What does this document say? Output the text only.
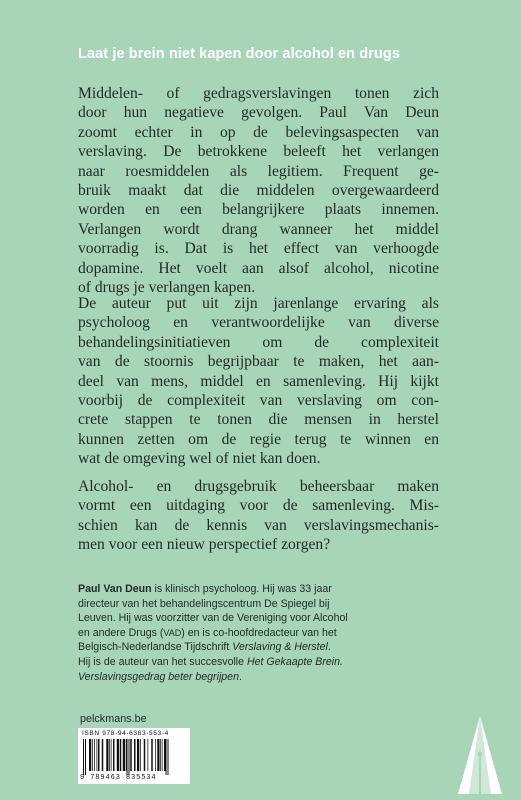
Laat je brein niet kapen door alcohol en drugs
Middelen- of gedragsverslavingen tonen zich
door hun negatieve gevolgen. Paul Van Deun
zoomt echter in op de belevingsaspecten van
verslaving. De betrokkene beleeft het verlangen
naar roesmiddelen als legitiem. Frequent ge-
bruik maakt dat die middelen overgewaardeerd
worden en een belangrijkere plaats innemen.
Verlangen wordt drang wanneer het middel
voorradig is. Dat is het effect van verhoogde
dopamine. Het voelt aan alsof alcohol, nicotine
of drugs je verlangen kapen.
De auteur put uit zijn jarenlange ervaring als
psycholoog en verantwoordelijke van diverse
behandelingsinitiatieven om de complexiteit
van de stoornis begrijpbaar te maken, het aan-
deel van mens, middel en samenleving. Hij kijkt
voorbij de complexiteit van verslaving om con-
crete stappen te tonen die mensen in herstel
kunnen zetten om de regie terug te winnen en
wat de omgeving wel of niet kan doen.
Alcohol- en drugsgebruik beheersbaar maken
vormt een uitdaging voor de samenleving. Mis-
schien kan de kennis van verslavingsmechanis-
men voor een nieuw perspectief zorgen?
Paul Van Deun is klinisch psycholoog. Hij was 33 jaar
directeur van het behandelingscentrum De Spiegel bij
Leuven. Hij was voorzitter van de Vereniging voor Alcohol
en andere Drugs (VAD) en is co-hoofdredacteur van het
Belgisch-Nederlandse Tijdschrift Verslaving & Herstel.
Hij is de auteur van het succesvolle Het Gekaapte Brein.
Verslavingsgedrag beter begrijpen.
pelckmans.be
ISBN 978-94-6383-553-4
9 789463 835534
